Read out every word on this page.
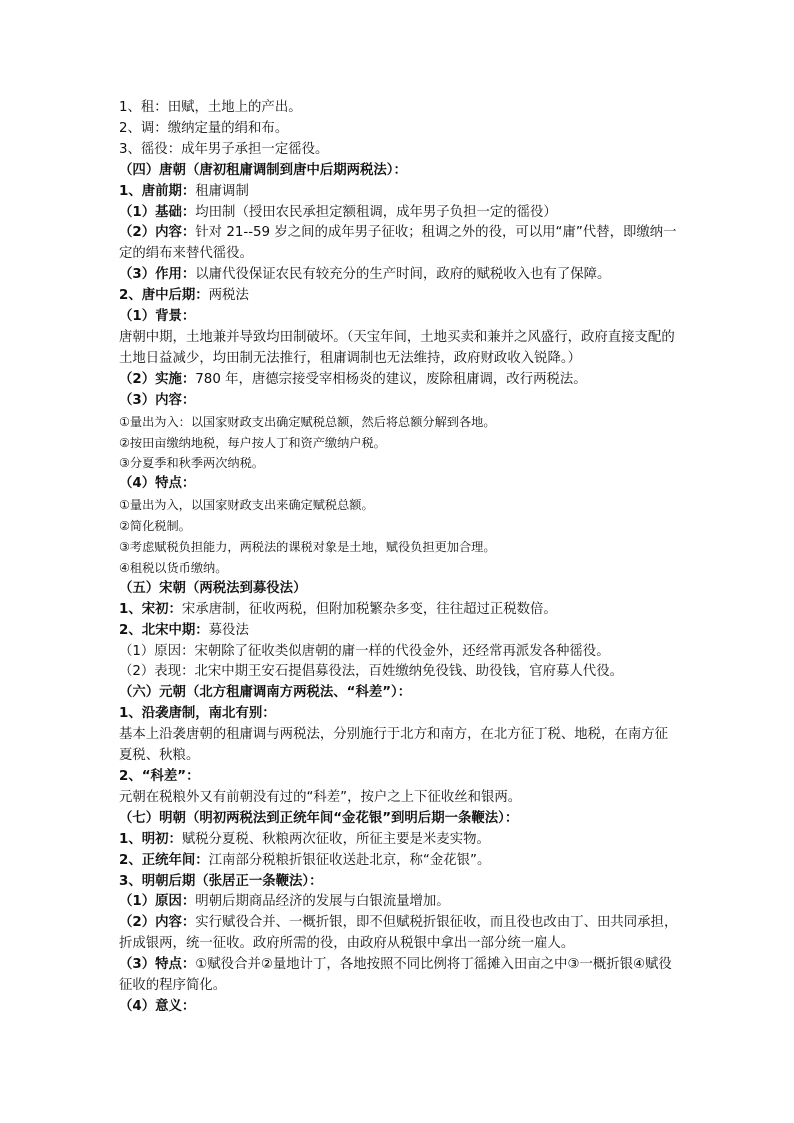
1、租：田赋，土地上的产出。

2、调：缴纳定量的绢和布。

3、徭役：成年男子承担一定徭役。

（四）唐朝（唐初租庸调制到唐中后期两税法）：

1、唐前期：租庸调制

（1）基础：均田制（授田农民承担定额租调，成年男子负担一定的徭役）

（2）内容：针对 21--59 岁之间的成年男子征收；租调之外的役，可以用“庸”代替，即缴纳一定的绢布来替代徭役。

（3）作用：以庸代役保证农民有较充分的生产时间，政府的赋税收入也有了保障。

2、唐中后期：两税法

（1）背景：

唐朝中期，土地兼并导致均田制破坏。（天宝年间，土地买卖和兼并之风盛行，政府直接支配的土地日益减少，均田制无法推行，租庸调制也无法维持，政府财政收入锐降。）

（2）实施：780 年，唐德宗接受宰相杨炎的建议，废除租庸调，改行两税法。

（3）内容：

①量出为入：以国家财政支出确定赋税总额，然后将总额分解到各地。

②按田亩缴纳地税，每户按人丁和资产缴纳户税。

③分夏季和秋季两次纳税。

（4）特点：

①量出为入，以国家财政支出来确定赋税总额。

②简化税制。

③考虑赋税负担能力，两税法的课税对象是土地，赋役负担更加合理。

④租税以货币缴纳。

（五）宋朝（两税法到募役法）

1、宋初：宋承唐制，征收两税，但附加税繁杂多变，往往超过正税数倍。

2、北宋中期：募役法

（1）原因：宋朝除了征收类似唐朝的庸一样的代役金外，还经常再派发各种徭役。

（2）表现：北宋中期王安石提倡募役法，百姓缴纳免役钱、助役钱，官府募人代役。

（六）元朝（北方租庸调南方两税法、“科差”）：

1、沿袭唐制，南北有别：

基本上沿袭唐朝的租庸调与两税法，分别施行于北方和南方，在北方征丁税、地税，在南方征夏税、秋粮。

2、“科差”：

元朝在税粮外又有前朝没有过的“科差”，按户之上下征收丝和银两。

（七）明朝（明初两税法到正统年间“金花银”到明后期一条鞭法）：

1、明初：赋税分夏税、秋粮两次征收，所征主要是米麦实物。

2、正统年间：江南部分税粮折银征收送赴北京，称“金花银”。

3、明朝后期（张居正一条鞭法）：

（1）原因：明朝后期商品经济的发展与白银流量增加。

（2）内容：实行赋役合并、一概折银，即不但赋税折银征收，而且役也改由丁、田共同承担，折成银两，统一征收。政府所需的役，由政府从税银中拿出一部分统一雇人。

（3）特点：①赋役合并②量地计丁，各地按照不同比例将丁徭摊入田亩之中③一概折银④赋役征收的程序简化。

（4）意义：
